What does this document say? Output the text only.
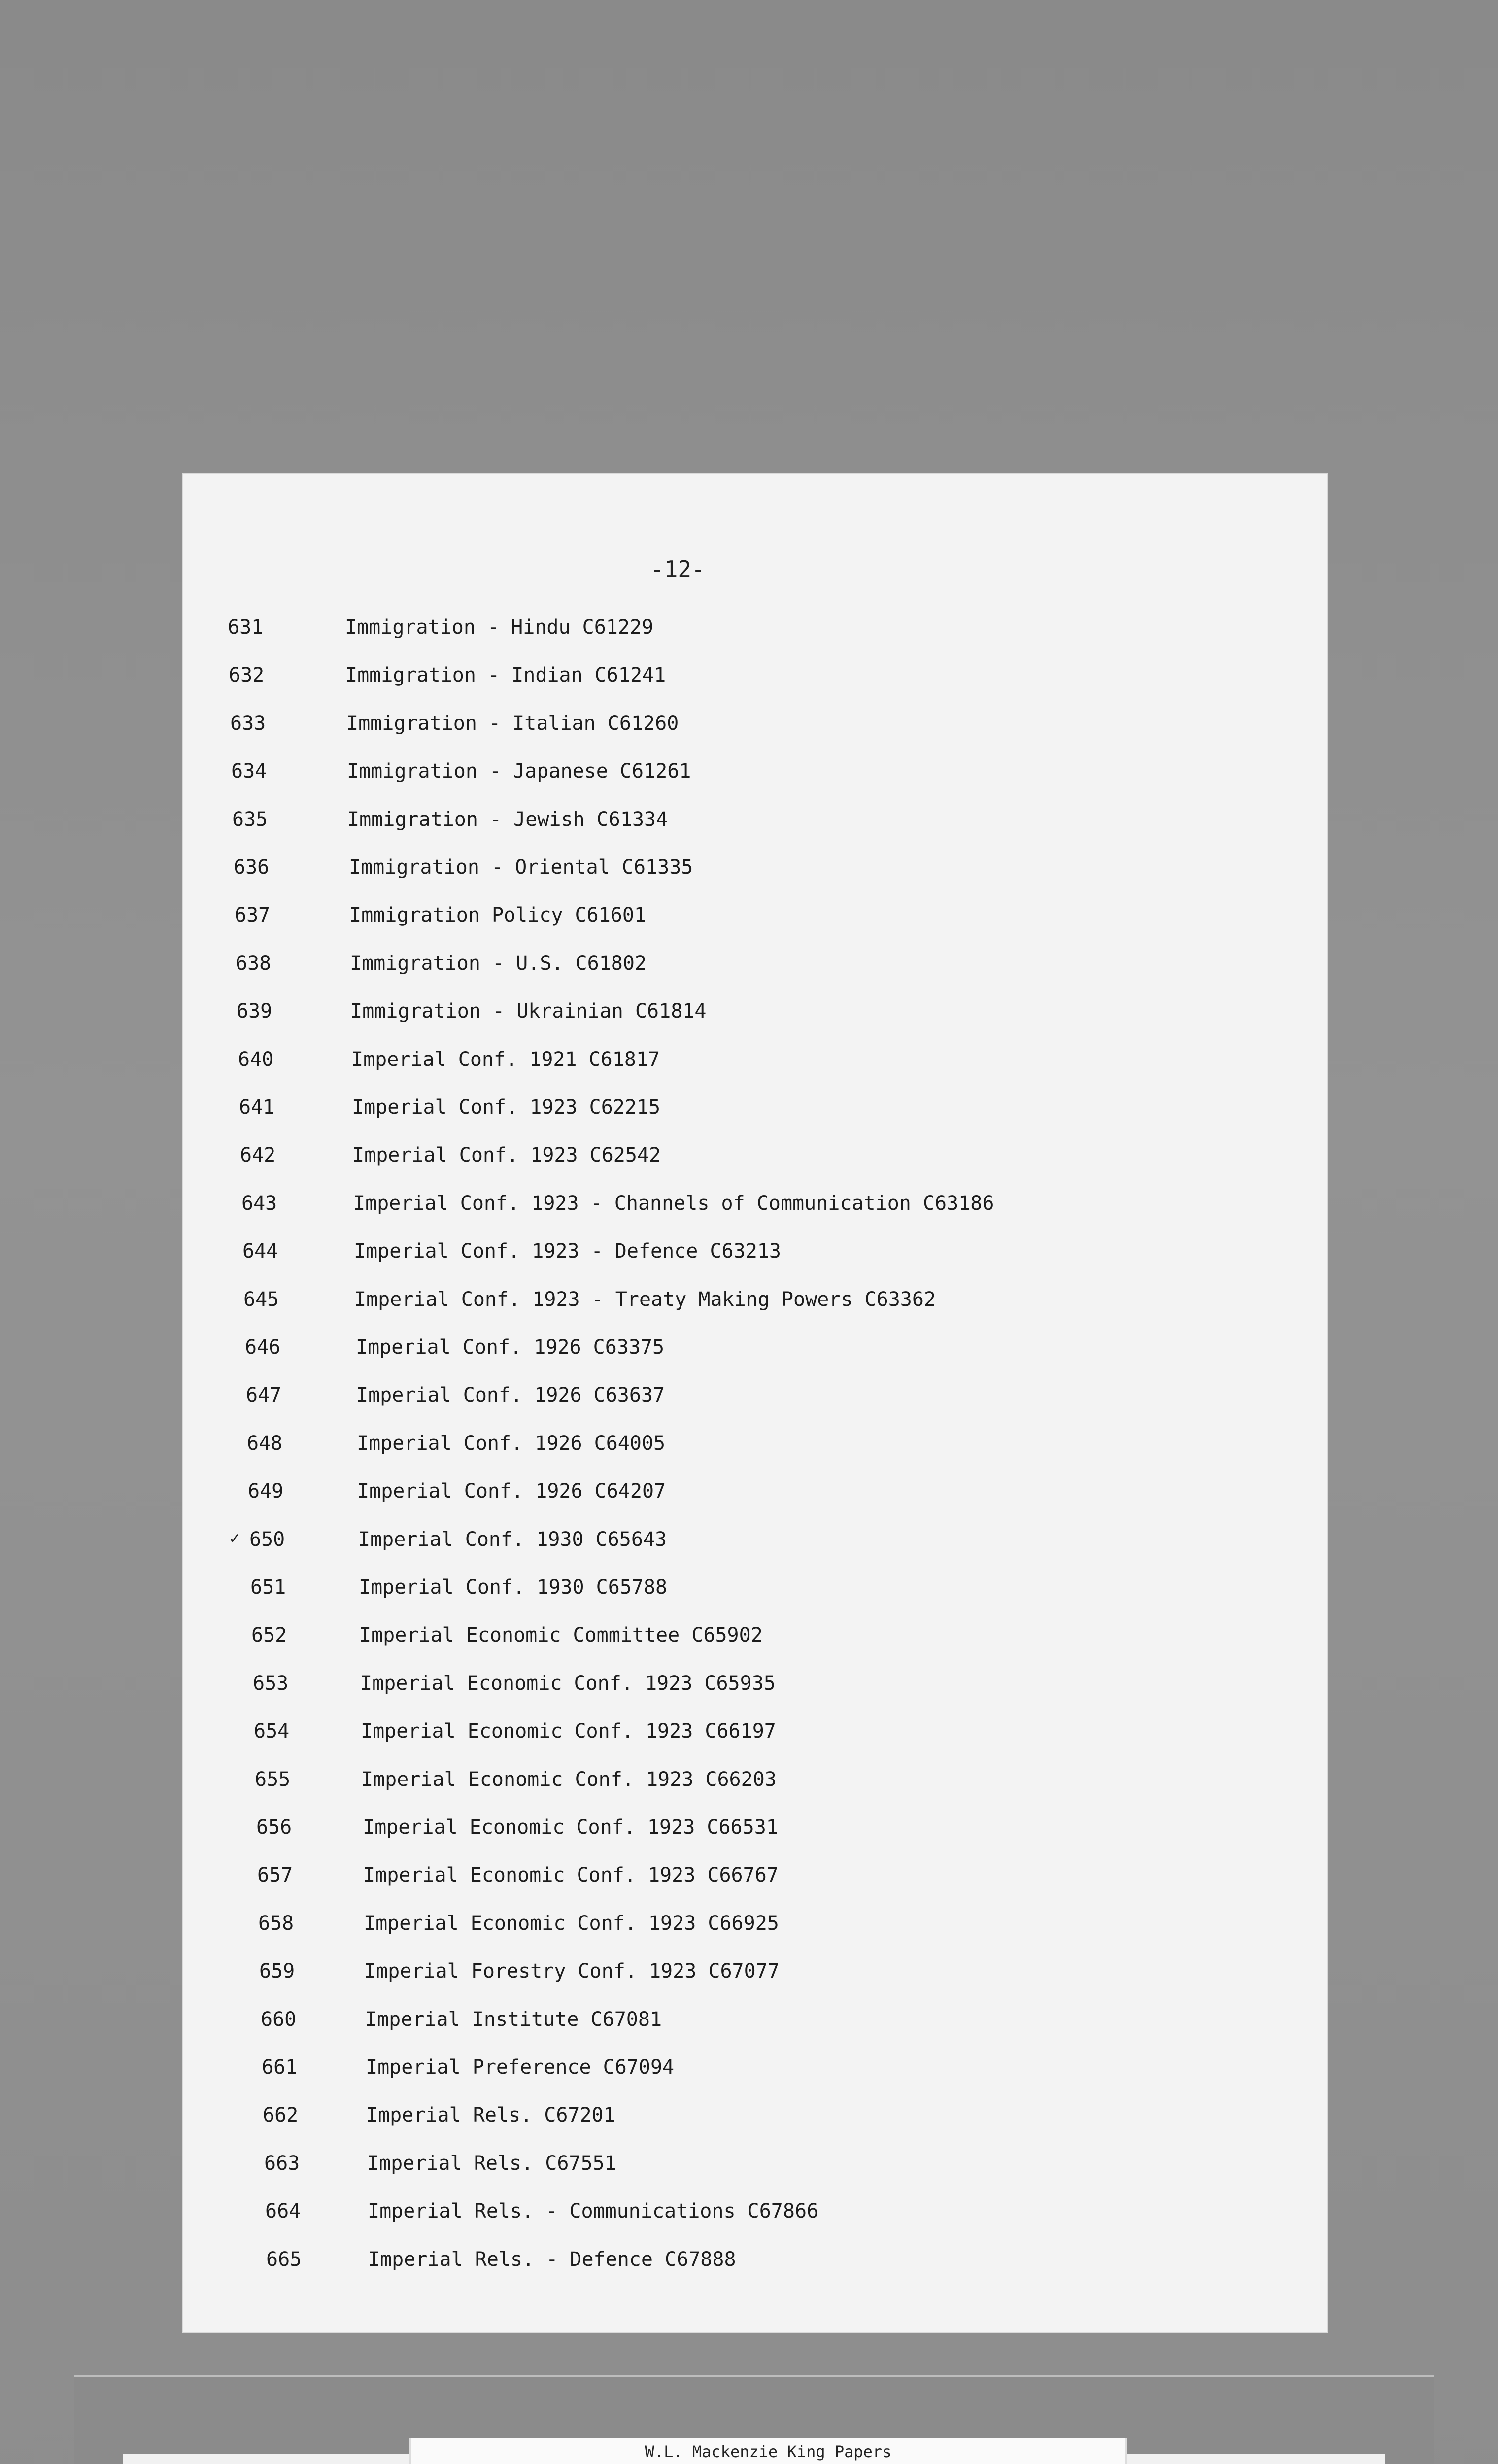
-12-
631	Immigration - Hindu C61229
632	Immigration - Indian C61241
633	Immigration - Italian C61260
634	Immigration - Japanese C61261
635	Immigration - Jewish C61334
636	Immigration - Oriental C61335
637	Immigration Policy C61601
638	Immigration - U.S. C61802
639	Immigration - Ukrainian C61814
640	Imperial Conf. 1921 C61817
641	Imperial Conf. 1923 C62215
642	Imperial Conf. 1923 C62542
643	Imperial Conf. 1923 - Channels of Communication C63186
644	Imperial Conf. 1923 - Defence C63213
645	Imperial Conf. 1923 - Treaty Making Powers C63362
646	Imperial Conf. 1926 C63375
647	Imperial Conf. 1926 C63637
648	Imperial Conf. 1926 C64005
649	Imperial Conf. 1926 C64207
650	Imperial Conf. 1930 C65643
✓
651	Imperial Conf. 1930 C65788
652	Imperial Economic Committee C65902
653	Imperial Economic Conf. 1923 C65935
654	Imperial Economic Conf. 1923 C66197
655	Imperial Economic Conf. 1923 C66203
656	Imperial Economic Conf. 1923 C66531
657	Imperial Economic Conf. 1923 C66767
658	Imperial Economic Conf. 1923 C66925
659	Imperial Forestry Conf. 1923 C67077
660	Imperial Institute C67081
661	Imperial Preference C67094
662	Imperial Rels. C67201
663	Imperial Rels. C67551
664	Imperial Rels. - Communications C67866
665	Imperial Rels. - Defence C67888
W.L. Mackenzie King Papers
